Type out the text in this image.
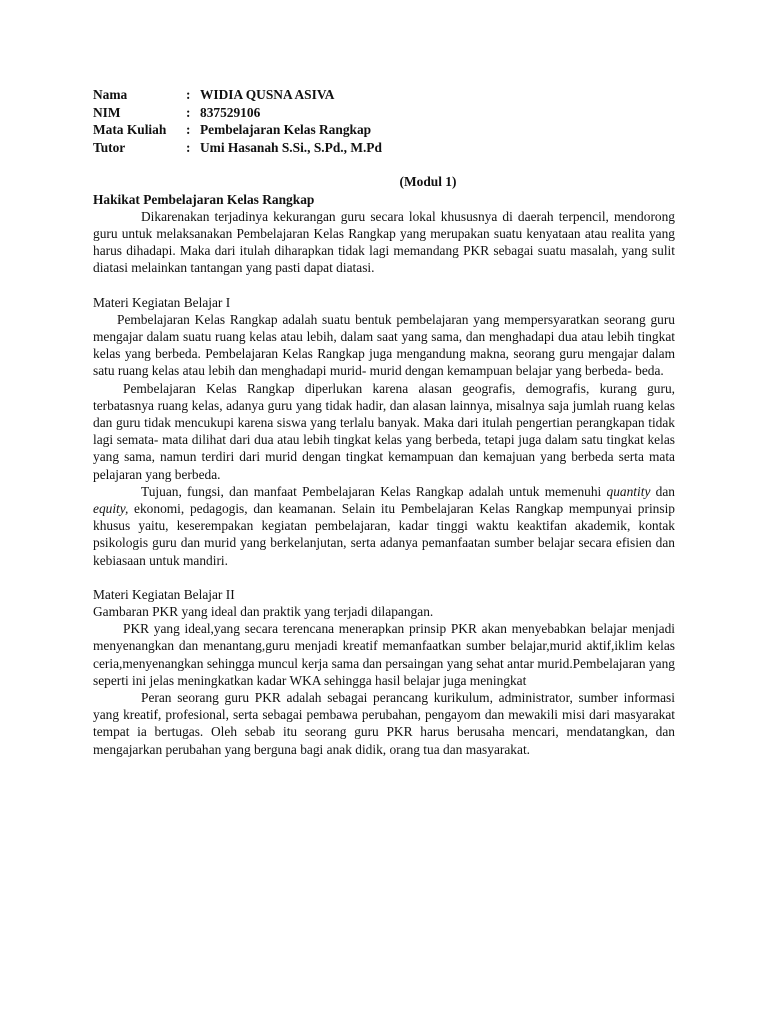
Nama	: WIDIA QUSNA ASIVA
NIM	: 837529106
Mata Kuliah	: Pembelajaran Kelas Rangkap
Tutor	: Umi Hasanah S.Si., S.Pd., M.Pd
(Modul 1)
Hakikat Pembelajaran Kelas Rangkap

Dikarenakan terjadinya kekurangan guru secara lokal khususnya di daerah terpencil, mendorong guru untuk melaksanakan Pembelajaran Kelas Rangkap yang merupakan suatu kenyataan atau realita yang harus dihadapi. Maka dari itulah diharapkan tidak lagi memandang PKR sebagai suatu masalah, yang sulit diatasi melainkan tantangan yang pasti dapat diatasi.

Materi Kegiatan Belajar I

Pembelajaran Kelas Rangkap adalah suatu bentuk pembelajaran yang mempersyaratkan seorang guru mengajar dalam suatu ruang kelas atau lebih, dalam saat yang sama, dan menghadapi dua atau lebih tingkat kelas yang berbeda. Pembelajaran Kelas Rangkap juga mengandung makna, seorang guru mengajar dalam satu ruang kelas atau lebih dan menghadapi murid- murid dengan kemampuan belajar yang berbeda- beda.

Pembelajaran Kelas Rangkap diperlukan karena alasan geografis, demografis, kurang guru, terbatasnya ruang kelas, adanya guru yang tidak hadir, dan alasan lainnya, misalnya saja jumlah ruang kelas dan guru tidak mencukupi karena siswa yang terlalu banyak. Maka dari itulah pengertian perangkapan tidak lagi semata- mata dilihat dari dua atau lebih tingkat kelas yang berbeda, tetapi juga dalam satu tingkat kelas yang sama, namun terdiri dari murid dengan tingkat kemampuan dan kemajuan yang berbeda serta mata pelajaran yang berbeda.

Tujuan, fungsi, dan manfaat Pembelajaran Kelas Rangkap adalah untuk memenuhi quantity dan equity, ekonomi, pedagogis, dan keamanan. Selain itu Pembelajaran Kelas Rangkap mempunyai prinsip khusus yaitu, keserempakan kegiatan pembelajaran, kadar tinggi waktu keaktifan akademik, kontak psikologis guru dan murid yang berkelanjutan, serta adanya pemanfaatan sumber belajar secara efisien dan kebiasaan untuk mandiri.

Materi Kegiatan Belajar II
Gambaran PKR yang ideal dan praktik yang terjadi dilapangan.

PKR yang ideal,yang secara terencana menerapkan prinsip PKR akan menyebabkan belajar menjadi menyenangkan dan menantang,guru menjadi kreatif memanfaatkan sumber belajar,murid aktif,iklim kelas ceria,menyenangkan sehingga muncul kerja sama dan persaingan yang sehat antar murid.Pembelajaran yang seperti ini jelas meningkatkan kadar WKA sehingga hasil belajar juga meningkat

Peran seorang guru PKR adalah sebagai perancang kurikulum, administrator, sumber informasi yang kreatif, profesional, serta sebagai pembawa perubahan, pengayom dan mewakili misi dari masyarakat tempat ia bertugas. Oleh sebab itu seorang guru PKR harus berusaha mencari, mendatangkan, dan mengajarkan perubahan yang berguna bagi anak didik, orang tua dan masyarakat.
